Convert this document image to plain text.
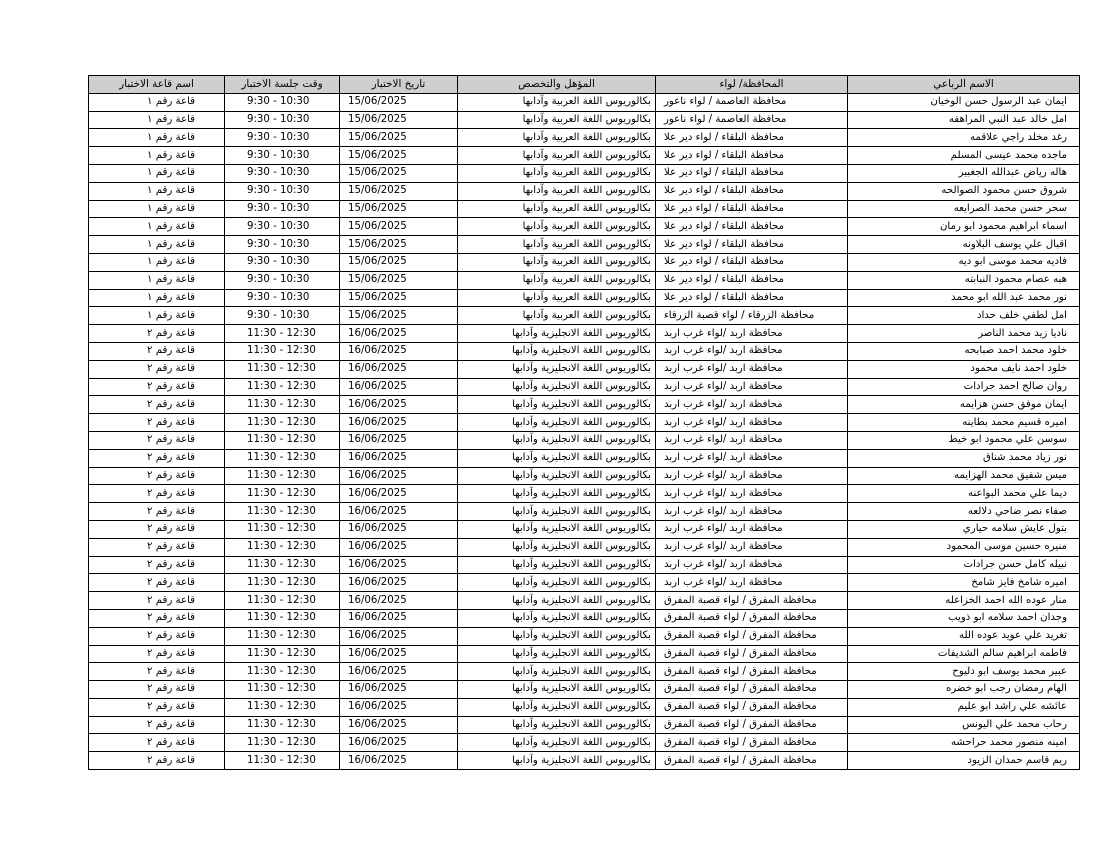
الاسم الرباعي	المحافظة/ لواء	المؤهل والتخصص	تاريخ الاختبار	وقت جلسة الاختبار	اسم قاعة الاختبار
ايمان عبد الرسول حسن الوخيان	محافظة العاصمة / لواء ناعور	بكالوريوس اللغة العربية وآدابها	15/06/2025	9:30 - 10:30	قاعة رقم ١
امل خالد عبد النبي المراهفه	محافظة العاصمة / لواء ناعور	بكالوريوس اللغة العربية وآدابها	15/06/2025	9:30 - 10:30	قاعة رقم ١
رغد مخلد راجي علاقمه	محافظة البلقاء / لواء دير علا	بكالوريوس اللغة العربية وآدابها	15/06/2025	9:30 - 10:30	قاعة رقم ١
ماجده محمد عيسى المسلم	محافظة البلقاء / لواء دير علا	بكالوريوس اللغة العربية وآدابها	15/06/2025	9:30 - 10:30	قاعة رقم ١
هاله رياض عبدالله الجغبير	محافظة البلقاء / لواء دير علا	بكالوريوس اللغة العربية وآدابها	15/06/2025	9:30 - 10:30	قاعة رقم ١
شروق حسن محمود الصوالحه	محافظة البلقاء / لواء دير علا	بكالوريوس اللغة العربية وآدابها	15/06/2025	9:30 - 10:30	قاعة رقم ١
سحر حسن محمد الصرايعه	محافظة البلقاء / لواء دير علا	بكالوريوس اللغة العربية وآدابها	15/06/2025	9:30 - 10:30	قاعة رقم ١
اسماء ابراهيم محمود ابو رمان	محافظة البلقاء / لواء دير علا	بكالوريوس اللغة العربية وآدابها	15/06/2025	9:30 - 10:30	قاعة رقم ١
اقبال علي يوسف البلاونه	محافظة البلقاء / لواء دير علا	بكالوريوس اللغة العربية وآدابها	15/06/2025	9:30 - 10:30	قاعة رقم ١
فاديه محمد موسى ابو ديه	محافظة البلقاء / لواء دير علا	بكالوريوس اللغة العربية وآدابها	15/06/2025	9:30 - 10:30	قاعة رقم ١
هبه عصام محمود النبابته	محافظة البلقاء / لواء دير علا	بكالوريوس اللغة العربية وآدابها	15/06/2025	9:30 - 10:30	قاعة رقم ١
نور محمد عبد الله ابو محمد	محافظة البلقاء / لواء دير علا	بكالوريوس اللغة العربية وآدابها	15/06/2025	9:30 - 10:30	قاعة رقم ١
امل لطفي خلف حداد	محافظة الزرقاء / لواء قصبة الزرقاء	بكالوريوس اللغة العربية وآدابها	15/06/2025	9:30 - 10:30	قاعة رقم ١
ناديا زيد محمد الناصر	محافظة اربد /لواء غرب اربد	بكالوريوس اللغة الانجليزية وآدابها	16/06/2025	11:30 - 12:30	قاعة رقم ٢
خلود محمد احمد صبابحه	محافظة اربد /لواء غرب اربد	بكالوريوس اللغة الانجليزية وآدابها	16/06/2025	11:30 - 12:30	قاعة رقم ٢
خلود احمد نايف محمود	محافظة اربد /لواء غرب اربد	بكالوريوس اللغة الانجليزية وآدابها	16/06/2025	11:30 - 12:30	قاعة رقم ٢
روان صالح احمد جرادات	محافظة اربد /لواء غرب اربد	بكالوريوس اللغة الانجليزية وآدابها	16/06/2025	11:30 - 12:30	قاعة رقم ٢
ايمان موفق حسن هزايمه	محافظة اربد /لواء غرب اربد	بكالوريوس اللغة الانجليزية وآدابها	16/06/2025	11:30 - 12:30	قاعة رقم ٢
اميره قسيم محمد بطاينه	محافظة اربد /لواء غرب اربد	بكالوريوس اللغة الانجليزية وآدابها	16/06/2025	11:30 - 12:30	قاعة رقم ٢
سوسن علي محمود ابو خيط	محافظة اربد /لواء غرب اربد	بكالوريوس اللغة الانجليزية وآدابها	16/06/2025	11:30 - 12:30	قاعة رقم ٢
نور زياد محمد شناق	محافظة اربد /لواء غرب اربد	بكالوريوس اللغة الانجليزية وآدابها	16/06/2025	11:30 - 12:30	قاعة رقم ٢
ميس شفيق محمد الهزايمه	محافظة اربد /لواء غرب اربد	بكالوريوس اللغة الانجليزية وآدابها	16/06/2025	11:30 - 12:30	قاعة رقم ٢
ديما علي محمد البواعنه	محافظة اربد /لواء غرب اربد	بكالوريوس اللغة الانجليزية وآدابها	16/06/2025	11:30 - 12:30	قاعة رقم ٢
صفاء نصر ضاحي دلالعه	محافظة اربد /لواء غرب اربد	بكالوريوس اللغة الانجليزية وآدابها	16/06/2025	11:30 - 12:30	قاعة رقم ٢
بتول عايش سلامه حياري	محافظة اربد /لواء غرب اربد	بكالوريوس اللغة الانجليزية وآدابها	16/06/2025	11:30 - 12:30	قاعة رقم ٢
منيره حسين موسى المحمود	محافظة اربد /لواء غرب اربد	بكالوريوس اللغة الانجليزية وآدابها	16/06/2025	11:30 - 12:30	قاعة رقم ٢
نبيله كامل حسن جرادات	محافظة اربد /لواء غرب اربد	بكالوريوس اللغة الانجليزية وآدابها	16/06/2025	11:30 - 12:30	قاعة رقم ٢
اميره شامخ فايز شامخ	محافظة اربد /لواء غرب اربد	بكالوريوس اللغة الانجليزية وآدابها	16/06/2025	11:30 - 12:30	قاعة رقم ٢
منار عوده الله احمد الخزاعله	محافظة المفرق / لواء قصبة المفرق	بكالوريوس اللغة الانجليزية وآدابها	16/06/2025	11:30 - 12:30	قاعة رقم ٢
وجدان احمد سلامه ابو ذويب	محافظة المفرق / لواء قصبة المفرق	بكالوريوس اللغة الانجليزية وآدابها	16/06/2025	11:30 - 12:30	قاعة رقم ٢
تغريد علي عويد عوده الله	محافظة المفرق / لواء قصبة المفرق	بكالوريوس اللغة الانجليزية وآدابها	16/06/2025	11:30 - 12:30	قاعة رقم ٢
فاطمه ابراهيم سالم الشديفات	محافظة المفرق / لواء قصبة المفرق	بكالوريوس اللغة الانجليزية وآدابها	16/06/2025	11:30 - 12:30	قاعة رقم ٢
عبير محمد يوسف ابو دليوح	محافظة المفرق / لواء قصبة المفرق	بكالوريوس اللغة الانجليزية وآدابها	16/06/2025	11:30 - 12:30	قاعة رقم ٢
الهام رمضان رجب ابو خضره	محافظة المفرق / لواء قصبة المفرق	بكالوريوس اللغة الانجليزية وآدابها	16/06/2025	11:30 - 12:30	قاعة رقم ٢
عائشه علي راشد ابو عليم	محافظة المفرق / لواء قصبة المفرق	بكالوريوس اللغة الانجليزية وآدابها	16/06/2025	11:30 - 12:30	قاعة رقم ٢
رحاب محمد علي اليونس	محافظة المفرق / لواء قصبة المفرق	بكالوريوس اللغة الانجليزية وآدابها	16/06/2025	11:30 - 12:30	قاعة رقم ٢
امينه منصور محمد حراحشه	محافظة المفرق / لواء قصبة المفرق	بكالوريوس اللغة الانجليزية وآدابها	16/06/2025	11:30 - 12:30	قاعة رقم ٢
ريم قاسم حمدان الزيود	محافظة المفرق / لواء قصبة المفرق	بكالوريوس اللغة الانجليزية وآدابها	16/06/2025	11:30 - 12:30	قاعة رقم ٢
